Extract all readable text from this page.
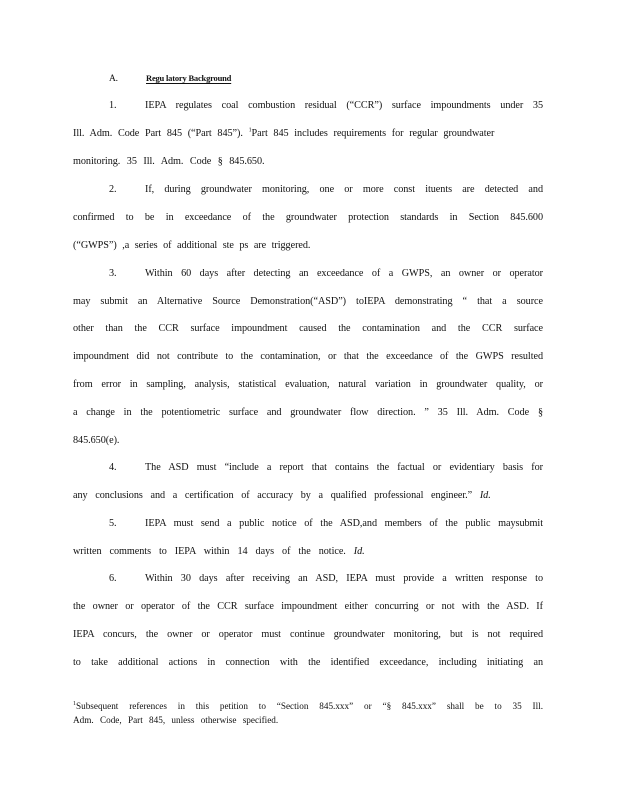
A.	Regu latory Background
1.	IEPA regulates coal combustion residual (“CCR”) surface impoundments under 35
Ill. Adm. Code Part 845 (“Part 845”). $^1$Part 845 includes requirements for regular groundwater
monitoring. 35 Ill. Adm. Code § 845.650.
2.	If, during groundwater monitoring, one or more const ituents are detected and
confirmed to be in exceedance of the groundwater protection standards in Section 845.600
(“GWPS”) ,a series of additional ste ps are triggered.
3.	Within 60 days after detecting an exceedance of a GWPS, an owner or operator
may submit an Alternative Source Demonstration(“ASD”) toIEPA demonstrating “ that a source
other than the CCR surface impoundment caused the contamination and the CCR surface
impoundment did not contribute to the contamination, or that the exceedance of the GWPS resulted
from error in sampling, analysis, statistical evaluation, natural variation in groundwater quality, or
a change in the potentiometric surface and groundwater flow direction. ” 35 Ill. Adm. Code §
845.650(e).
4.	The ASD must “include a report that contains the factual or evidentiary basis for
any conclusions and a certification of accuracy by a qualified professional engineer.” Id.
5.	IEPA must send a public notice of the ASD,and members of the public maysubmit
written comments to IEPA within 14 days of the notice. Id.
6.	Within 30 days after receiving an ASD, IEPA must provide a written response to
the owner or operator of the CCR surface impoundment either concurring or not with the ASD. If
IEPA concurs, the owner or operator must continue groundwater monitoring, but is not required
to take additional actions in connection with the identified exceedance, including initiating an
$^1$Subsequent references in this petition to “Section 845.xxx” or “§ 845.xxx” shall be to 35 Ill.
Adm. Code, Part 845, unless otherwise specified.
